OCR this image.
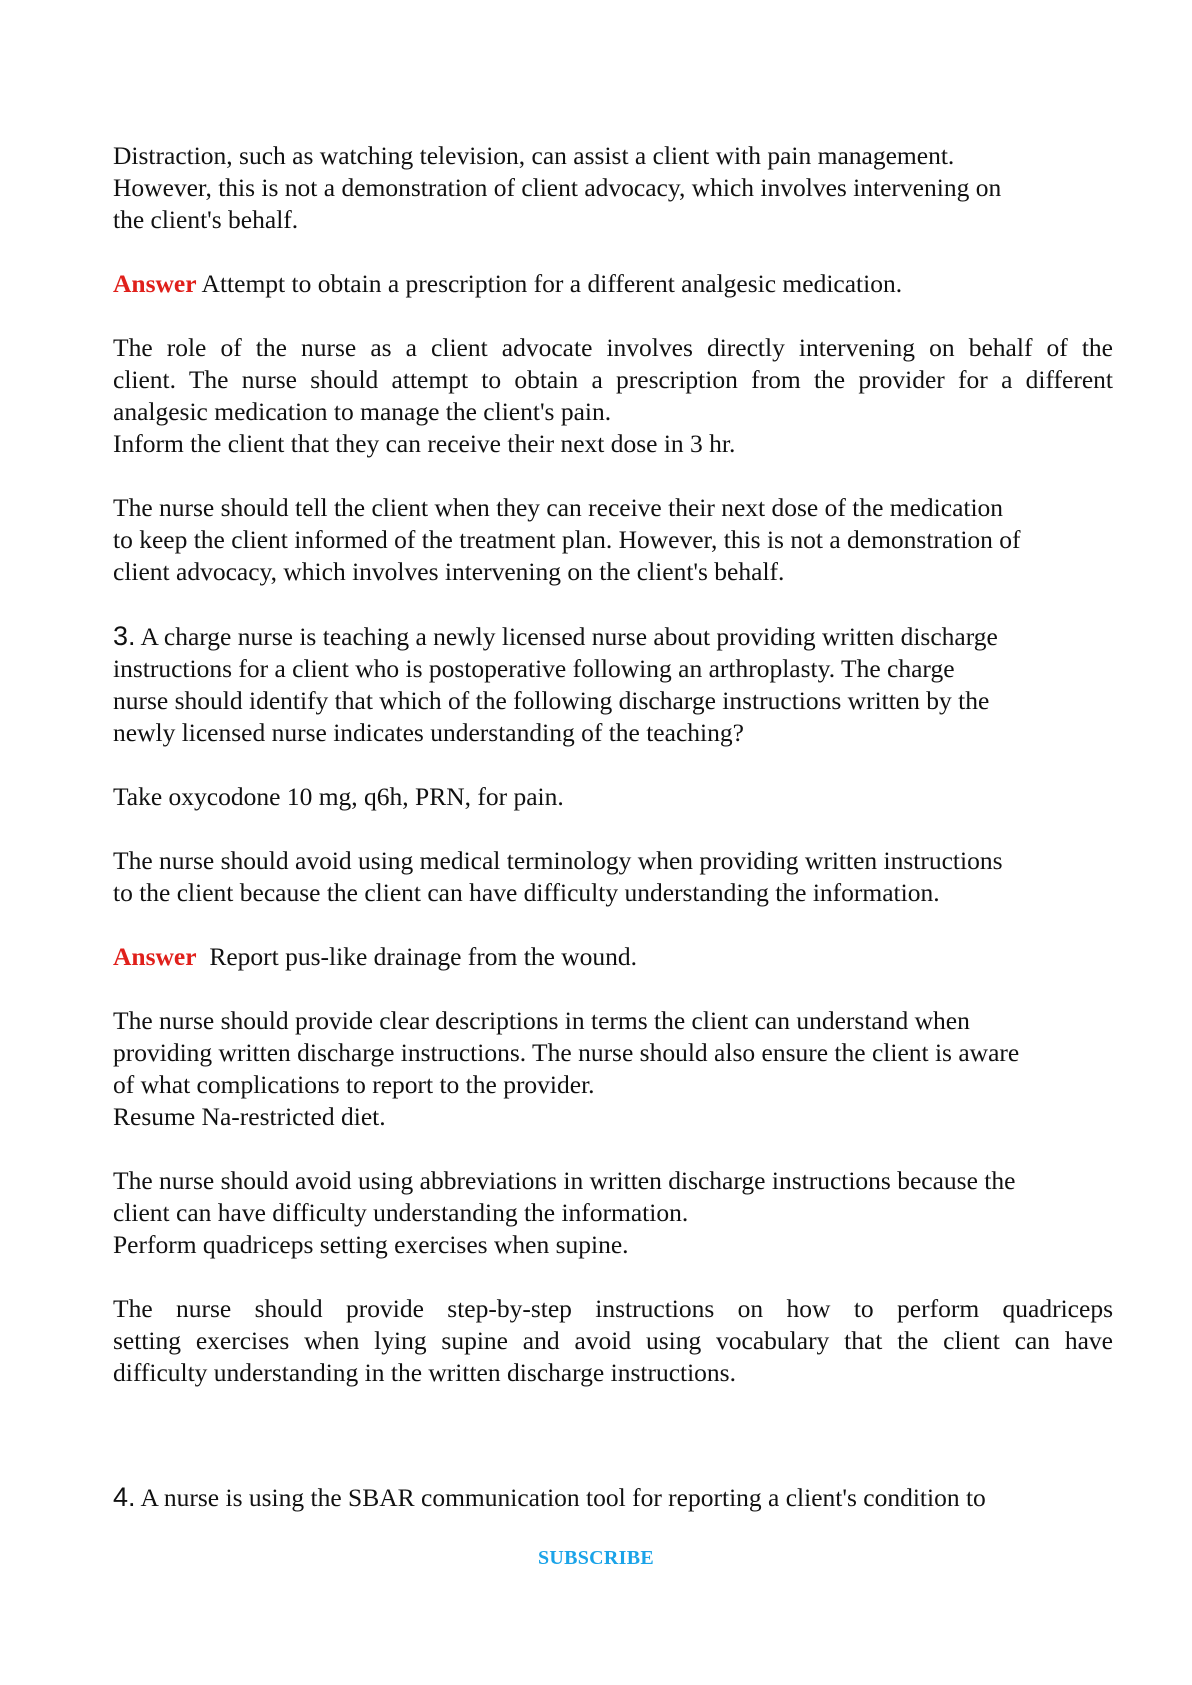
Distraction, such as watching television, can assist a client with pain management.
However, this is not a demonstration of client advocacy, which involves intervening on
the client's behalf.

Answer Attempt to obtain a prescription for a different analgesic medication.

The role of the nurse as a client advocate involves directly intervening on behalf of the
client. The nurse should attempt to obtain a prescription from the provider for a different
analgesic medication to manage the client's pain.
Inform the client that they can receive their next dose in 3 hr.

The nurse should tell the client when they can receive their next dose of the medication
to keep the client informed of the treatment plan. However, this is not a demonstration of
client advocacy, which involves intervening on the client's behalf.

3. A charge nurse is teaching a newly licensed nurse about providing written discharge
instructions for a client who is postoperative following an arthroplasty. The charge
nurse should identify that which of the following discharge instructions written by the
newly licensed nurse indicates understanding of the teaching?

Take oxycodone 10 mg, q6h, PRN, for pain.

The nurse should avoid using medical terminology when providing written instructions
to the client because the client can have difficulty understanding the information.

Answer  Report pus-like drainage from the wound.

The nurse should provide clear descriptions in terms the client can understand when
providing written discharge instructions. The nurse should also ensure the client is aware
of what complications to report to the provider.
Resume Na-restricted diet.

The nurse should avoid using abbreviations in written discharge instructions because the
client can have difficulty understanding the information.
Perform quadriceps setting exercises when supine.

The nurse should provide step-by-step instructions on how to perform quadriceps
setting exercises when lying supine and avoid using vocabulary that the client can have
difficulty understanding in the written discharge instructions.

4. A nurse is using the SBAR communication tool for reporting a client's condition to

SUBSCRIBE
